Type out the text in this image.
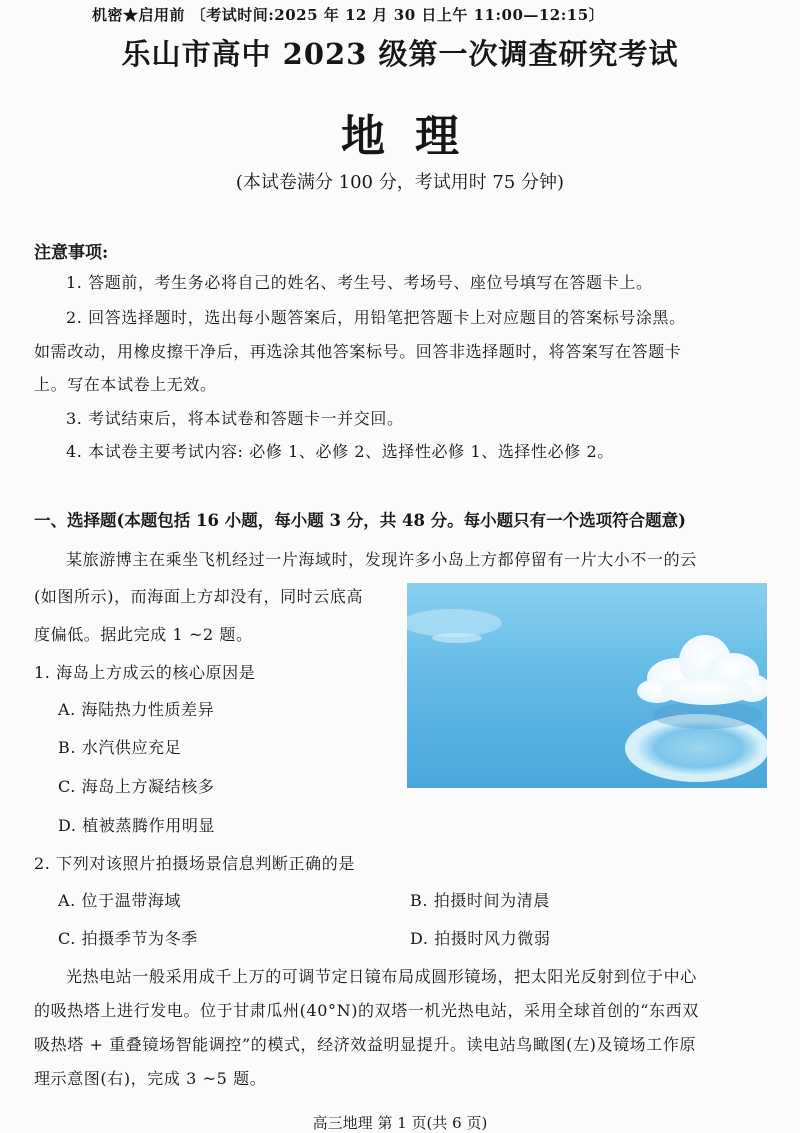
机密★启用前 〔考试时间:2025 年 12 月 30 日上午 11:00—12:15〕
乐山市高中 2023 级第一次调查研究考试
地理
(本试卷满分 100 分，考试用时 75 分钟)
注意事项:
1. 答题前，考生务必将自己的姓名、考生号、考场号、座位号填写在答题卡上。
2. 回答选择题时，选出每小题答案后，用铅笔把答题卡上对应题目的答案标号涂黑。
如需改动，用橡皮擦干净后，再选涂其他答案标号。回答非选择题时，将答案写在答题卡
上。写在本试卷上无效。
3. 考试结束后，将本试卷和答题卡一并交回。
4. 本试卷主要考试内容: 必修 1、必修 2、选择性必修 1、选择性必修 2。
一、选择题(本题包括 16 小题，每小题 3 分，共 48 分。每小题只有一个选项符合题意)
某旅游博主在乘坐飞机经过一片海域时，发现许多小岛上方都停留有一片大小不一的云
(如图所示)，而海面上方却没有，同时云底高
度偏低。据此完成 1 ~2 题。
1. 海岛上方成云的核心原因是
A. 海陆热力性质差异
B. 水汽供应充足
C. 海岛上方凝结核多
D. 植被蒸腾作用明显
2. 下列对该照片拍摄场景信息判断正确的是
A. 位于温带海域	B. 拍摄时间为清晨
C. 拍摄季节为冬季	D. 拍摄时风力微弱
光热电站一般采用成千上万的可调节定日镜布局成圆形镜场，把太阳光反射到位于中心
的吸热塔上进行发电。位于甘肃瓜州(40°N)的双塔一机光热电站，采用全球首创的“东西双
吸热塔 + 重叠镜场智能调控”的模式，经济效益明显提升。读电站鸟瞰图(左)及镜场工作原
理示意图(右)，完成 3 ~5 题。
高三地理 第 1 页(共 6 页)
